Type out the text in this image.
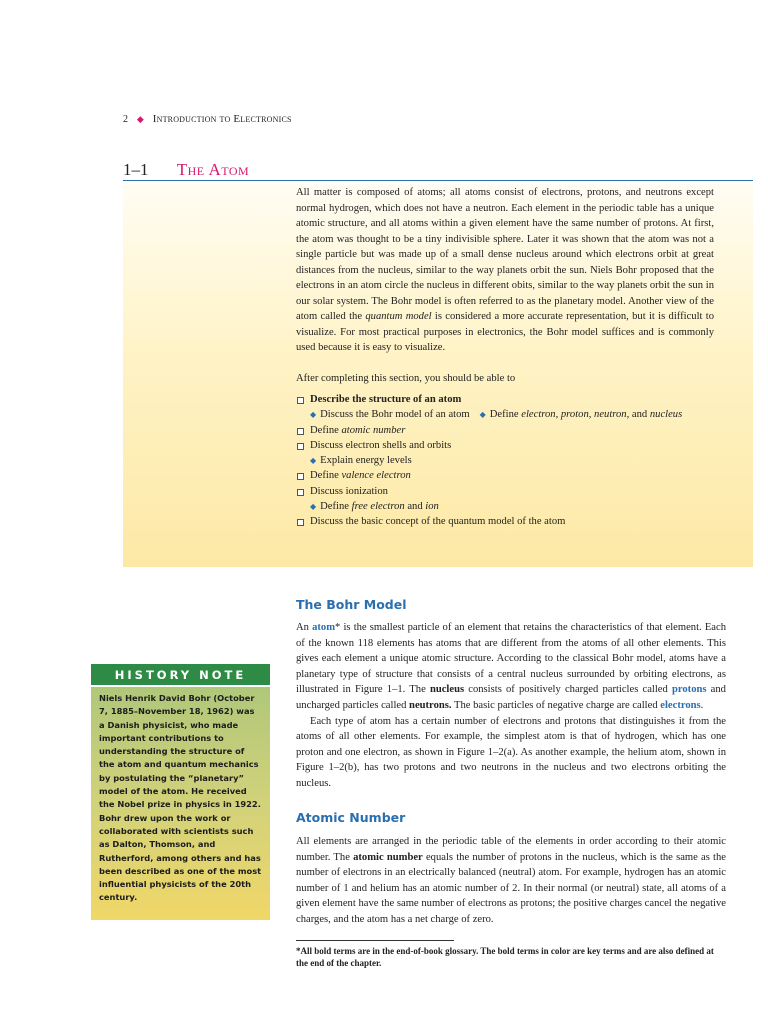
2 ◆ Introduction to Electronics
1–1 The Atom

All matter is composed of atoms; all atoms consist of electrons, protons, and neutrons except normal hydrogen, which does not have a neutron. Each element in the periodic table has a unique atomic structure, and all atoms within a given element have the same number of protons. At first, the atom was thought to be a tiny indivisible sphere. Later it was shown that the atom was not a single particle but was made up of a small dense nucleus around which electrons orbit at great distances from the nucleus, similar to the way planets orbit the sun. Niels Bohr proposed that the electrons in an atom circle the nucleus in different obits, similar to the way planets orbit the sun in our solar system. The Bohr model is often referred to as the planetary model. Another view of the atom called the quantum model is considered a more accurate representation, but it is difficult to visualize. For most practical purposes in electronics, the Bohr model suffices and is commonly used because it is easy to visualize.

After completing this section, you should be able to
Describe the structure of an atom
◆ Discuss the Bohr model of an atom ◆ Define electron, proton, neutron, and nucleus
Define atomic number
Discuss electron shells and orbits
◆ Explain energy levels
Define valence electron
Discuss ionization
◆ Define free electron and ion
Discuss the basic concept of the quantum model of the atom
The Bohr Model

An atom* is the smallest particle of an element that retains the characteristics of that element. Each of the known 118 elements has atoms that are different from the atoms of all other elements. This gives each element a unique atomic structure. According to the classical Bohr model, atoms have a planetary type of structure that consists of a central nucleus surrounded by orbiting electrons, as illustrated in Figure 1–1. The nucleus consists of positively charged particles called protons and uncharged particles called neutrons. The basic particles of negative charge are called electrons.

Each type of atom has a certain number of electrons and protons that distinguishes it from the atoms of all other elements. For example, the simplest atom is that of hydrogen, which has one proton and one electron, as shown in Figure 1–2(a). As another example, the helium atom, shown in Figure 1–2(b), has two protons and two neutrons in the nucleus and two electrons orbiting the nucleus.

Atomic Number

All elements are arranged in the periodic table of the elements in order according to their atomic number. The atomic number equals the number of protons in the nucleus, which is the same as the number of electrons in an electrically balanced (neutral) atom. For example, hydrogen has an atomic number of 1 and helium has an atomic number of 2. In their normal (or neutral) state, all atoms of a given element have the same number of electrons as protons; the positive charges cancel the negative charges, and the atom has a net charge of zero.

HISTORY NOTE
Niels Henrik David Bohr (October 7, 1885–November 18, 1962) was a Danish physicist, who made important contributions to understanding the structure of the atom and quantum mechanics by postulating the “planetary” model of the atom. He received the Nobel prize in physics in 1922. Bohr drew upon the work or collaborated with scientists such as Dalton, Thomson, and Rutherford, among others and has been described as one of the most influential physicists of the 20th century.
*All bold terms are in the end-of-book glossary. The bold terms in color are key terms and are also defined at the end of the chapter.
